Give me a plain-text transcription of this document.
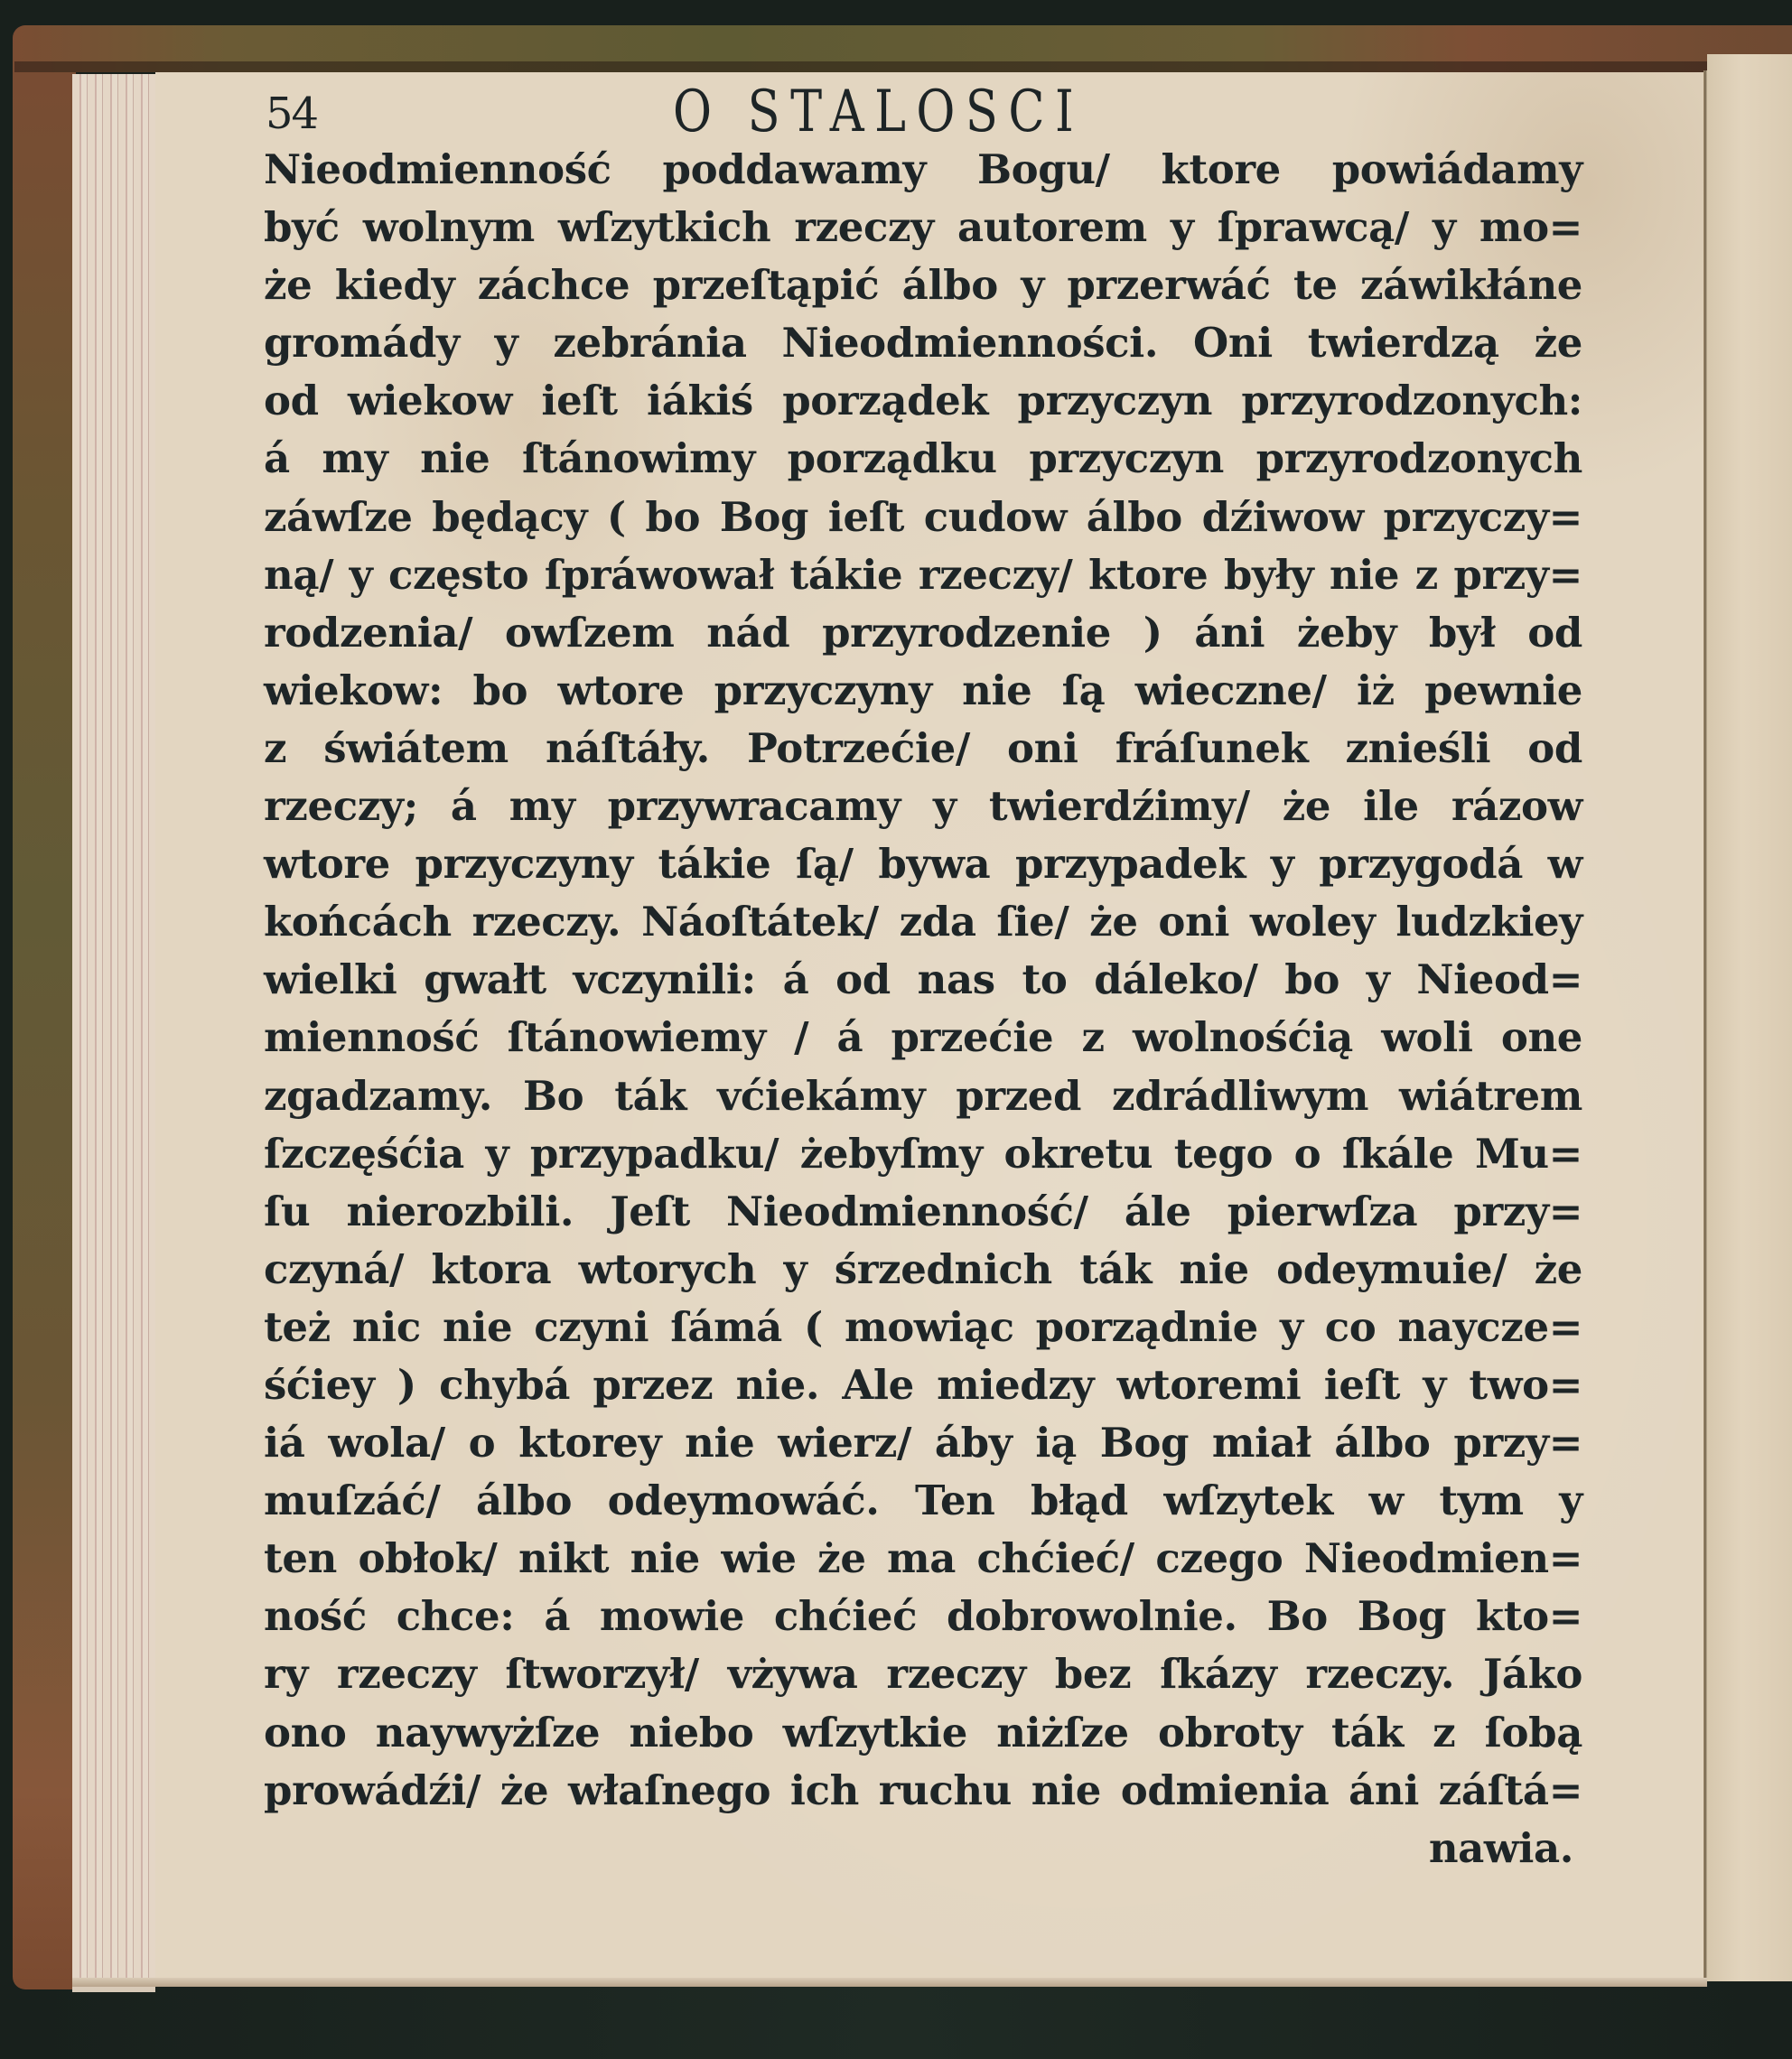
54	O STALOSCI
Nieodmienność poddawamy Bogu/ ktore powiádamy
być wolnym wſzytkich rzeczy autorem y ſprawcą/ y mo=
że kiedy záchce przeſtąpić álbo y przerwáć te záwikłáne
gromády y zebránia Nieodmienności. Oni twierdzą że
od wiekow ieſt iákiś porządek przyczyn przyrodzonych:
á my nie ſtánowimy porządku przyczyn przyrodzonych
záwſze będący ( bo Bog ieſt cudow álbo dźiwow przyczy=
ną/ y często ſpráwował tákie rzeczy/ ktore były nie z przy=
rodzenia/ owſzem nád przyrodzenie ) áni żeby był od
wiekow: bo wtore przyczyny nie ſą wieczne/ iż pewnie
z świátem náſtáły. Potrzećie/ oni fráſunek znieśli od
rzeczy; á my przywracamy y twierdźimy/ że ile rázow
wtore przyczyny tákie ſą/ bywa przypadek y przygodá w
końcách rzeczy. Náoſtátek/ zda ſie/ że oni woley ludzkiey
wielki gwałt vczynili: á od nas to dáleko/ bo y Nieod=
mienność ſtánowiemy / á przećie z wolnośćią woli one
zgadzamy. Bo ták vćiekámy przed zdrádliwym wiátrem
ſzczęśćia y przypadku/ żebyſmy okretu tego o ſkále Mu=
ſu nierozbili. Jeſt Nieodmienność/ ále pierwſza przy=
czyná/ ktora wtorych y śrzednich ták nie odeymuie/ że
też nic nie czyni ſámá ( mowiąc porządnie y co naycze=
śćiey ) chybá przez nie. Ale miedzy wtoremi ieſt y two=
iá wola/ o ktorey nie wierz/ áby ią Bog miał álbo przy=
muſzáć/ álbo odeymowáć. Ten błąd wſzytek w tym y
ten obłok/ nikt nie wie że ma chćieć/ czego Nieodmien=
ność chce: á mowie chćieć dobrowolnie. Bo Bog kto=
ry rzeczy ſtworzył/ vżywa rzeczy bez ſkázy rzeczy. Jáko
ono naywyżſze niebo wſzytkie niżſze obroty ták z ſobą
prowádźi/ że właſnego ich ruchu nie odmienia áni záſtá=
nawia.
